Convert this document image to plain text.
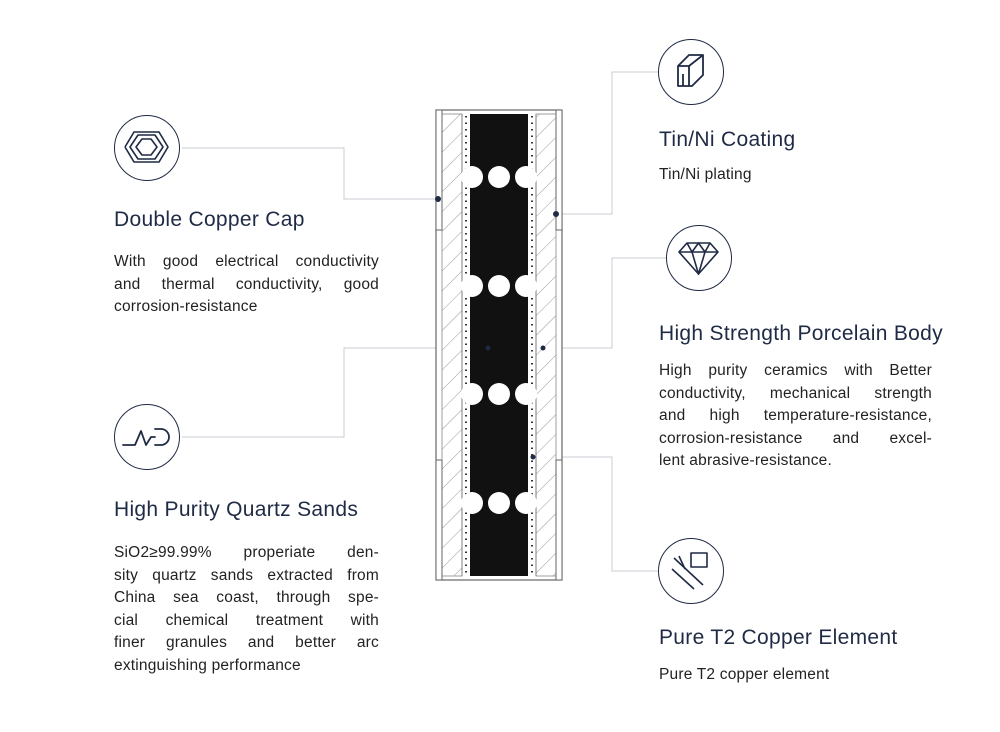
Double Copper Cap
With good electrical conductivity
and thermal conductivity, good
corrosion-resistance
High Purity Quartz Sands
SiO2≥99.99% properiate den-
sity quartz sands extracted from
China sea coast, through spe-
cial chemical treatment with
finer granules and better arc
extinguishing performance
Tin/Ni Coating
Tin/Ni plating
High Strength Porcelain Body
High purity ceramics with Better
conductivity, mechanical strength
and high temperature-resistance,
corrosion-resistance and excel-
lent abrasive-resistance.
Pure T2 Copper Element
Pure T2 copper element
